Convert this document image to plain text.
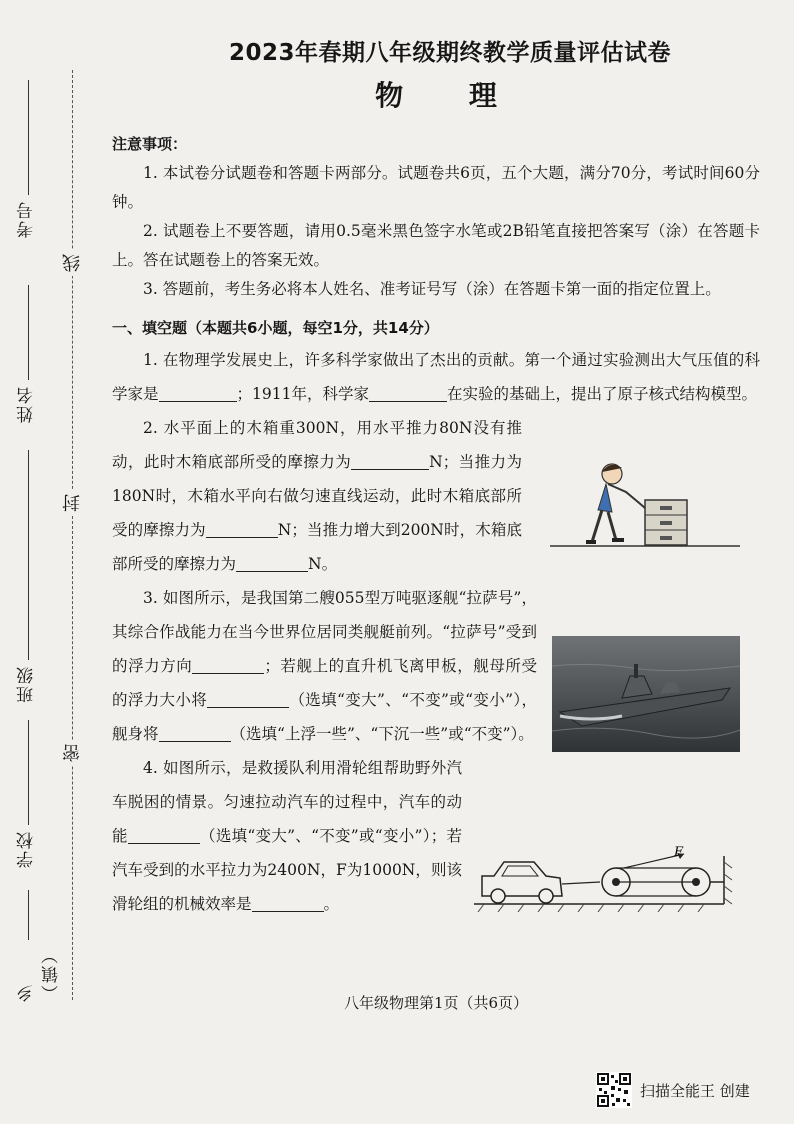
考号
姓名
班级
学校
乡（镇）
线
封
密
2023年春期八年级期终教学质量评估试卷
物 理
注意事项：

1. 本试卷分试题卷和答题卡两部分。试题卷共6页，五个大题，满分70分，考试时间60分钟。

2. 试题卷上不要答题，请用0.5毫米黑色签字水笔或2B铅笔直接把答案写（涂）在答题卡上。答在试题卷上的答案无效。

3. 答题前，考生务必将本人姓名、准考证号写（涂）在答题卡第一面的指定位置上。

一、填空题（本题共6小题，每空1分，共14分）

1. 在物理学发展史上，许多科学家做出了杰出的贡献。第一个通过实验测出大气压值的科学家是	；1911年，科学家	在实验的基础上，提出了原子核式结构模型。

2. 水平面上的木箱重300N，用水平推力80N没有推动，此时木箱底部所受的摩擦力为	N；当推力为180N时，木箱水平向右做匀速直线运动，此时木箱底部所受的摩擦力为	N；当推力增大到200N时，木箱底部所受的摩擦力为	N。

3. 如图所示，是我国第二艘055型万吨驱逐舰“拉萨号”，其综合作战能力在当今世界位居同类舰艇前列。“拉萨号”受到的浮力方向	；若舰上的直升机飞离甲板，舰母所受的浮力大小将	（选填“变大”、“不变”或“变小”），舰身将	（选填“上浮一些”、“下沉一些”或“不变”）。

4. 如图所示，是救援队利用滑轮组帮助野外汽车脱困的情景。匀速拉动汽车的过程中，汽车的动能	（选填“变大”、“不变”或“变小”）；若汽车受到的水平拉力为2400N，F为1000N，则该滑轮组的机械效率是	。

F
八年级物理第1页（共6页）
扫描全能王 创建
